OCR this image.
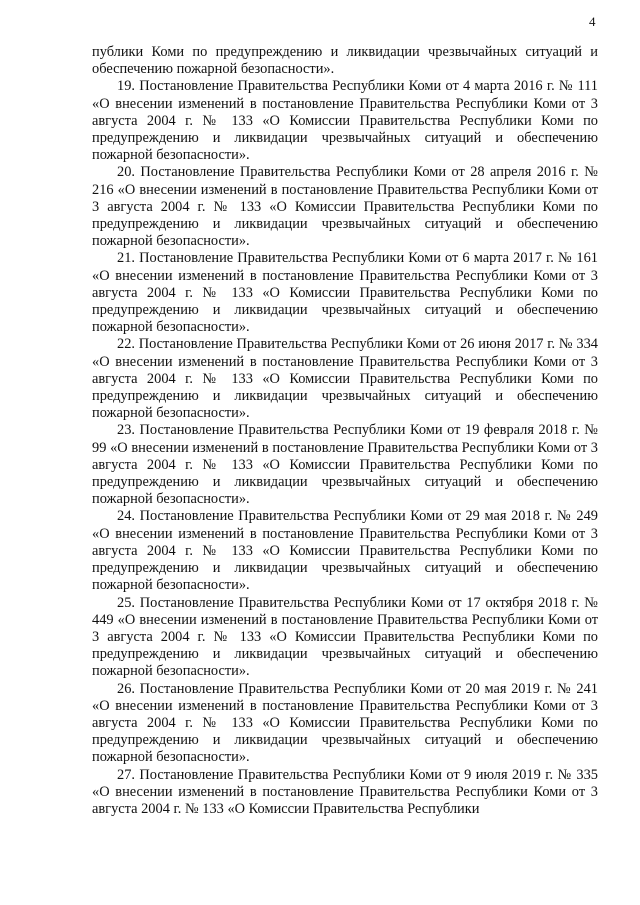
4

публики Коми по предупреждению и ликвидации чрезвычайных ситуаций и обеспечению пожарной безопасности».

19. Постановление Правительства Республики Коми от 4 марта 2016 г. № 111 «О внесении изменений в постановление Правительства Республики Коми от 3 августа 2004 г. № 133 «О Комиссии Правительства Республики Коми по предупреждению и ликвидации чрезвычайных ситуаций и обеспечению пожарной безопасности».

20. Постановление Правительства Республики Коми от 28 апреля 2016 г. № 216 «О внесении изменений в постановление Правительства Республики Коми от 3 августа 2004 г. № 133 «О Комиссии Правительства Республики Коми по предупреждению и ликвидации чрезвычайных ситуаций и обеспечению пожарной безопасности».

21. Постановление Правительства Республики Коми от 6 марта 2017 г. № 161 «О внесении изменений в постановление Правительства Республики Коми от 3 августа 2004 г. № 133 «О Комиссии Правительства Республики Коми по предупреждению и ликвидации чрезвычайных ситуаций и обеспечению пожарной безопасности».

22. Постановление Правительства Республики Коми от 26 июня 2017 г. № 334 «О внесении изменений в постановление Правительства Республики Коми от 3 августа 2004 г. № 133 «О Комиссии Правительства Республики Коми по предупреждению и ликвидации чрезвычайных ситуаций и обеспечению пожарной безопасности».

23. Постановление Правительства Республики Коми от 19 февраля 2018 г. № 99 «О внесении изменений в постановление Правительства Республики Коми от 3 августа 2004 г. № 133 «О Комиссии Правительства Республики Коми по предупреждению и ликвидации чрезвычайных ситуаций и обеспечению пожарной безопасности».

24. Постановление Правительства Республики Коми от 29 мая 2018 г. № 249 «О внесении изменений в постановление Правительства Республики Коми от 3 августа 2004 г. № 133 «О Комиссии Правительства Республики Коми по предупреждению и ликвидации чрезвычайных ситуаций и обеспечению пожарной безопасности».

25. Постановление Правительства Республики Коми от 17 октября 2018 г. № 449 «О внесении изменений в постановление Правительства Республики Коми от 3 августа 2004 г. № 133 «О Комиссии Правительства Республики Коми по предупреждению и ликвидации чрезвычайных ситуаций и обеспечению пожарной безопасности».

26. Постановление Правительства Республики Коми от 20 мая 2019 г. № 241 «О внесении изменений в постановление Правительства Республики Коми от 3 августа 2004 г. № 133 «О Комиссии Правительства Республики Коми по предупреждению и ликвидации чрезвычайных ситуаций и обеспечению пожарной безопасности».

27. Постановление Правительства Республики Коми от 9 июля 2019 г. № 335 «О внесении изменений в постановление Правительства Республики Коми от 3 августа 2004 г. № 133 «О Комиссии Правительства Республики
